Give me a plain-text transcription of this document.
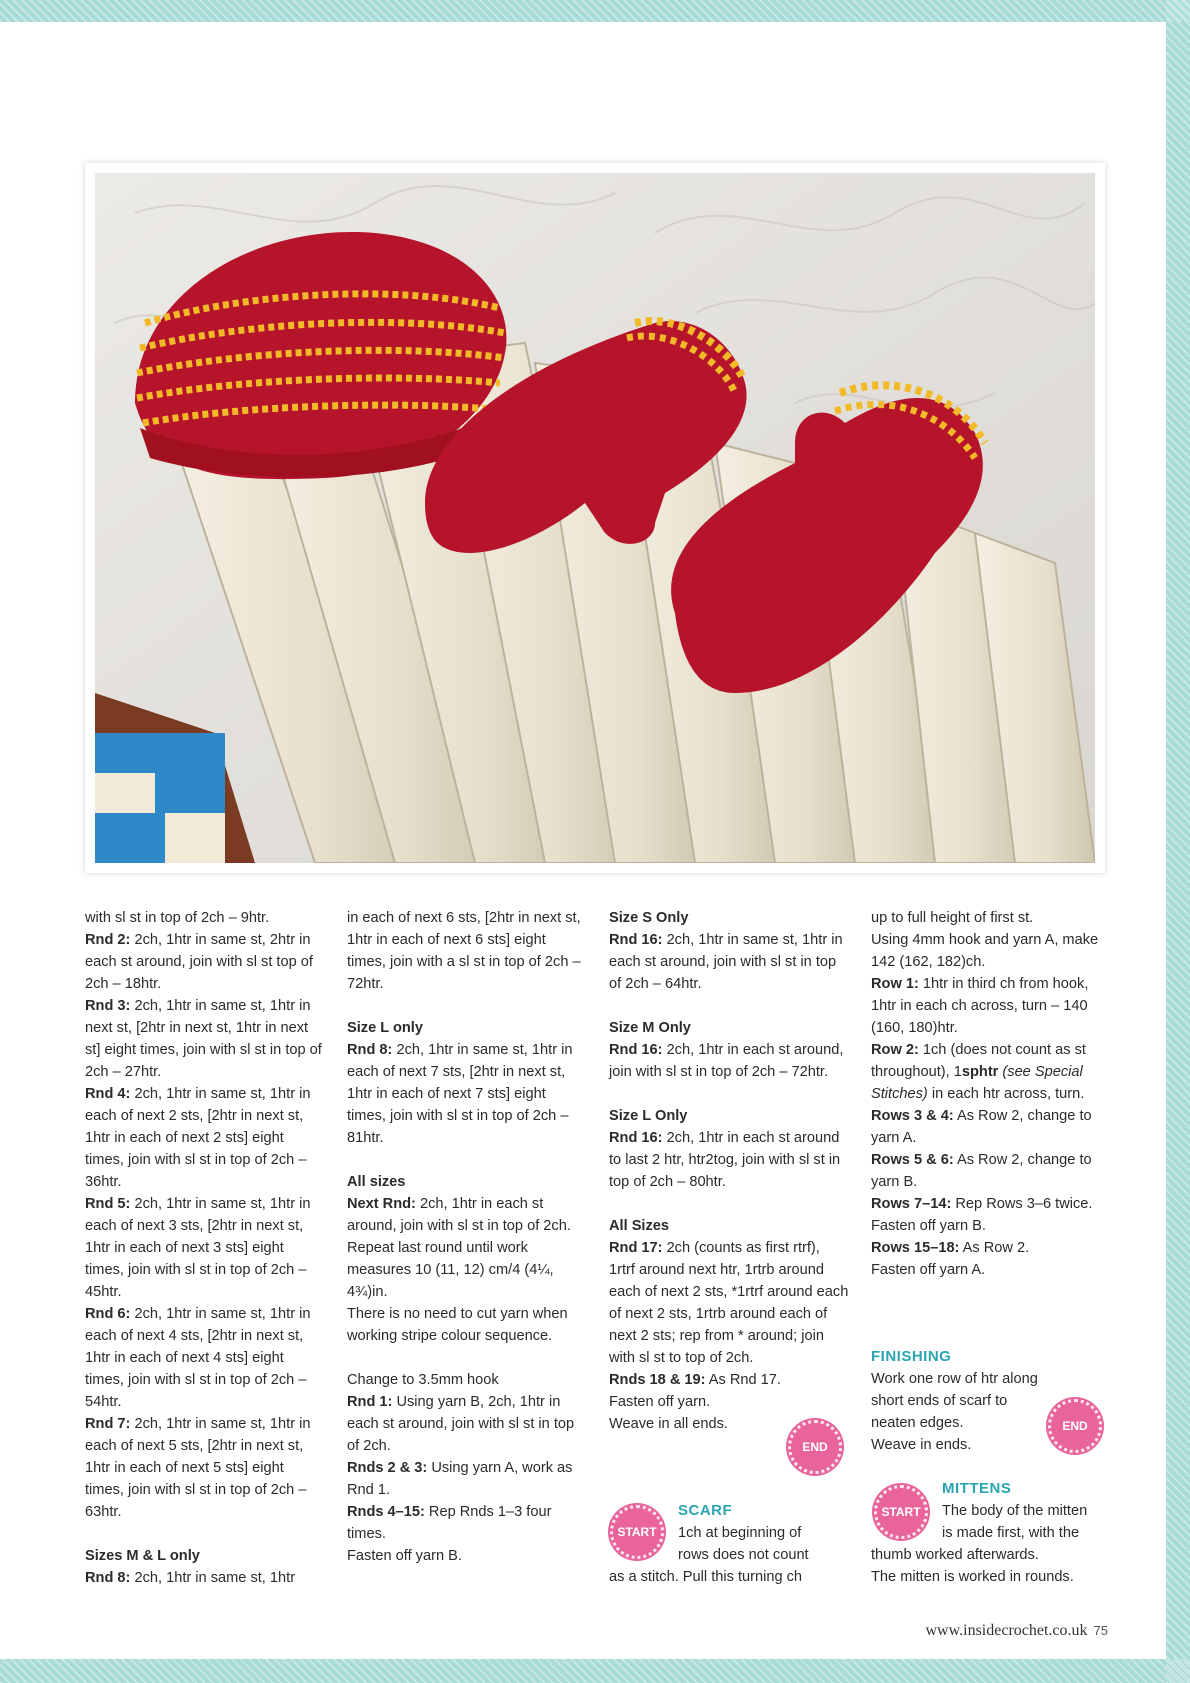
with sl st in top of 2ch – 9htr.

Rnd 2: 2ch, 1htr in same st, 2htr in each st around, join with sl st top of 2ch – 18htr.

Rnd 3: 2ch, 1htr in same st, 1htr in next st, [2htr in next st, 1htr in next st] eight times, join with sl st in top of 2ch – 27htr.

Rnd 4: 2ch, 1htr in same st, 1htr in each of next 2 sts, [2htr in next st, 1htr in each of next 2 sts] eight times, join with sl st in top of 2ch – 36htr.

Rnd 5: 2ch, 1htr in same st, 1htr in each of next 3 sts, [2htr in next st, 1htr in each of next 3 sts] eight times, join with sl st in top of 2ch – 45htr.

Rnd 6: 2ch, 1htr in same st, 1htr in each of next 4 sts, [2htr in next st, 1htr in each of next 4 sts] eight times, join with sl st in top of 2ch – 54htr.

Rnd 7: 2ch, 1htr in same st, 1htr in each of next 5 sts, [2htr in next st, 1htr in each of next 5 sts] eight times, join with sl st in top of 2ch – 63htr.

Sizes M & L only

Rnd 8: 2ch, 1htr in same st, 1htr

in each of next 6 sts, [2htr in next st, 1htr in each of next 6 sts] eight times, join with a sl st in top of 2ch – 72htr.

Size L only

Rnd 8: 2ch, 1htr in same st, 1htr in each of next 7 sts, [2htr in next st, 1htr in each of next 7 sts] eight times, join with sl st in top of 2ch – 81htr.

All sizes

Next Rnd: 2ch, 1htr in each st around, join with sl st in top of 2ch.

Repeat last round until work measures 10 (11, 12) cm/4 (4¼, 4¾)in.

There is no need to cut yarn when working stripe colour sequence.

Change to 3.5mm hook

Rnd 1: Using yarn B, 2ch, 1htr in each st around, join with sl st in top of 2ch.

Rnds 2 & 3: Using yarn A, work as Rnd 1.

Rnds 4–15: Rep Rnds 1–3 four times.

Fasten off yarn B.

Size S Only

Rnd 16: 2ch, 1htr in same st, 1htr in each st around, join with sl st in top of 2ch – 64htr.

Size M Only

Rnd 16: 2ch, 1htr in each st around, join with sl st in top of 2ch – 72htr.

Size L Only

Rnd 16: 2ch, 1htr in each st around to last 2 htr, htr2tog, join with sl st in top of 2ch – 80htr.

All Sizes

Rnd 17: 2ch (counts as first rtrf), 1rtrf around next htr, 1rtrb around each of next 2 sts, *1rtrf around each of next 2 sts, 1rtrb around each of next 2 sts; rep from * around; join with sl st to top of 2ch.

Rnds 18 & 19: As Rnd 17.

Fasten off yarn.

Weave in all ends.

up to full height of first st.

Using 4mm hook and yarn A, make 142 (162, 182)ch.

Row 1: 1htr in third ch from hook, 1htr in each ch across, turn – 140 (160, 180)htr.

Row 2: 1ch (does not count as st throughout), 1sphtr (see Special Stitches) in each htr across, turn.

Rows 3 & 4: As Row 2, change to yarn A.

Rows 5 & 6: As Row 2, change to yarn B.

Rows 7–14: Rep Rows 3–6 twice.

Fasten off yarn B.

Rows 15–18: As Row 2.

Fasten off yarn A.

END
START
SCARF
1ch at beginning of
rows does not count
as a stitch. Pull this turning ch
FINISHING
Work one row of htr along
short ends of scarf to
neaten edges.
Weave in ends.
END
START
MITTENS
The body of the mitten
is made first, with the
thumb worked afterwards.
The mitten is worked in rounds.
www.insidecrochet.co.uk 75
